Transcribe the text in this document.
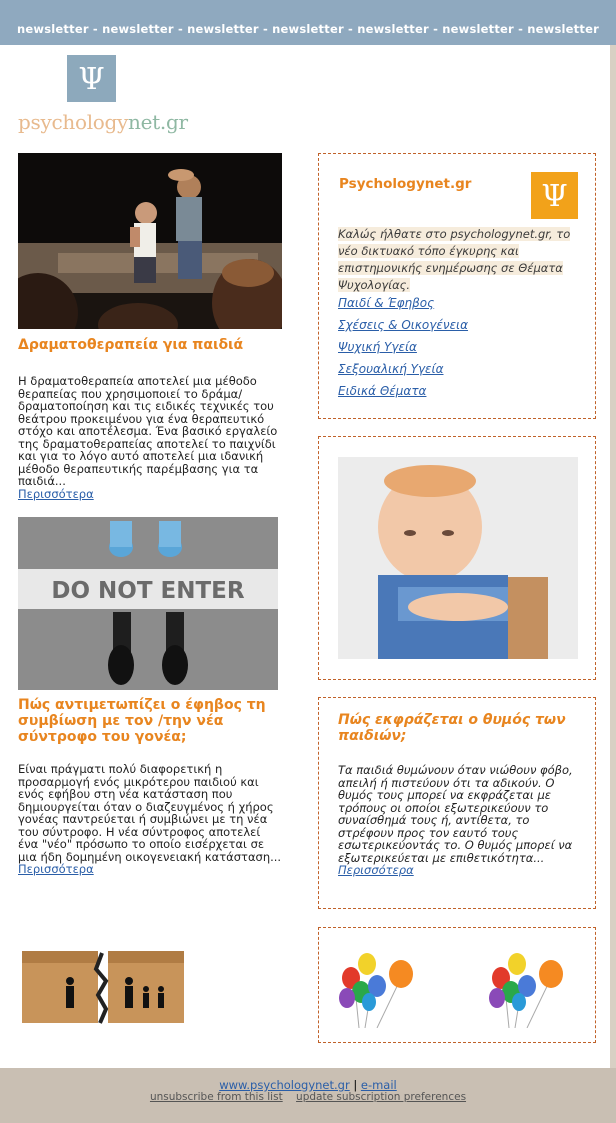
newsletter - newsletter - newsletter - newsletter - newsletter - newsletter - newsletter
Ψ
psychologynet.gr
Δραματοθεραπεία για παιδιά
Η δραματοθεραπεία αποτελεί μια μέθοδο θεραπείας που χρησιμοποιεί το δράμα/ δραματοποίηση και τις ειδικές τεχνικές του θεάτρου προκειμένου για ένα θεραπευτικό στόχο και αποτέλεσμα. Ένα βασικό εργαλείο της δραματοθεραπείας αποτελεί το παιχνίδι και για το λόγο αυτό αποτελεί μια ιδανική μέθοδο θεραπευτικής παρέμβασης για τα παιδιά...
Περισσότερα
DO NOT ENTER
Πώς αντιμετωπίζει ο έφηβος τη συμβίωση με τον /την νέα σύντροφο του γονέα;
Είναι πράγματι πολύ διαφορετική η προσαρμογή ενός μικρότερου παιδιού και ενός εφήβου στη νέα κατάσταση που δημιουργείται όταν ο διαζευγμένος ή χήρος γονέας παντρεύεται ή συμβιώνει με τη νέα του σύντροφο. Η νέα σύντροφος αποτελεί ένα "νέο" πρόσωπο το οποίο εισέρχεται σε μια ήδη δομημένη οικογενειακή κατάσταση...
Περισσότερα
Psychologynet.gr Ψ
Καλώς ήλθατε στο psychologynet.gr, το νέο δικτυακό τόπο έγκυρης και επιστημονικής ενημέρωσης σε Θέματα Ψυχολογίας.
Παιδί & Έφηβος
Σχέσεις & Οικογένεια
Ψυχική Υγεία
Σεξουαλική Υγεία
Ειδικά Θέματα
Πώς εκφράζεται ο θυμός των παιδιών;
Τα παιδιά θυμώνουν όταν νιώθουν φόβο, απειλή ή πιστεύουν ότι τα αδικούν. Ο θυμός τους μπορεί να εκφράζεται με τρόπους οι οποίοι εξωτερικεύουν το συναίσθημά τους ή, αντίθετα, το στρέφουν προς τον εαυτό τους εσωτερικεύοντάς το. Ο θυμός μπορεί να εξωτερικεύεται με επιθετικότητα...
Περισσότερα
www.psychologynet.gr | e-mail
unsubscribe from this list update subscription preferences
